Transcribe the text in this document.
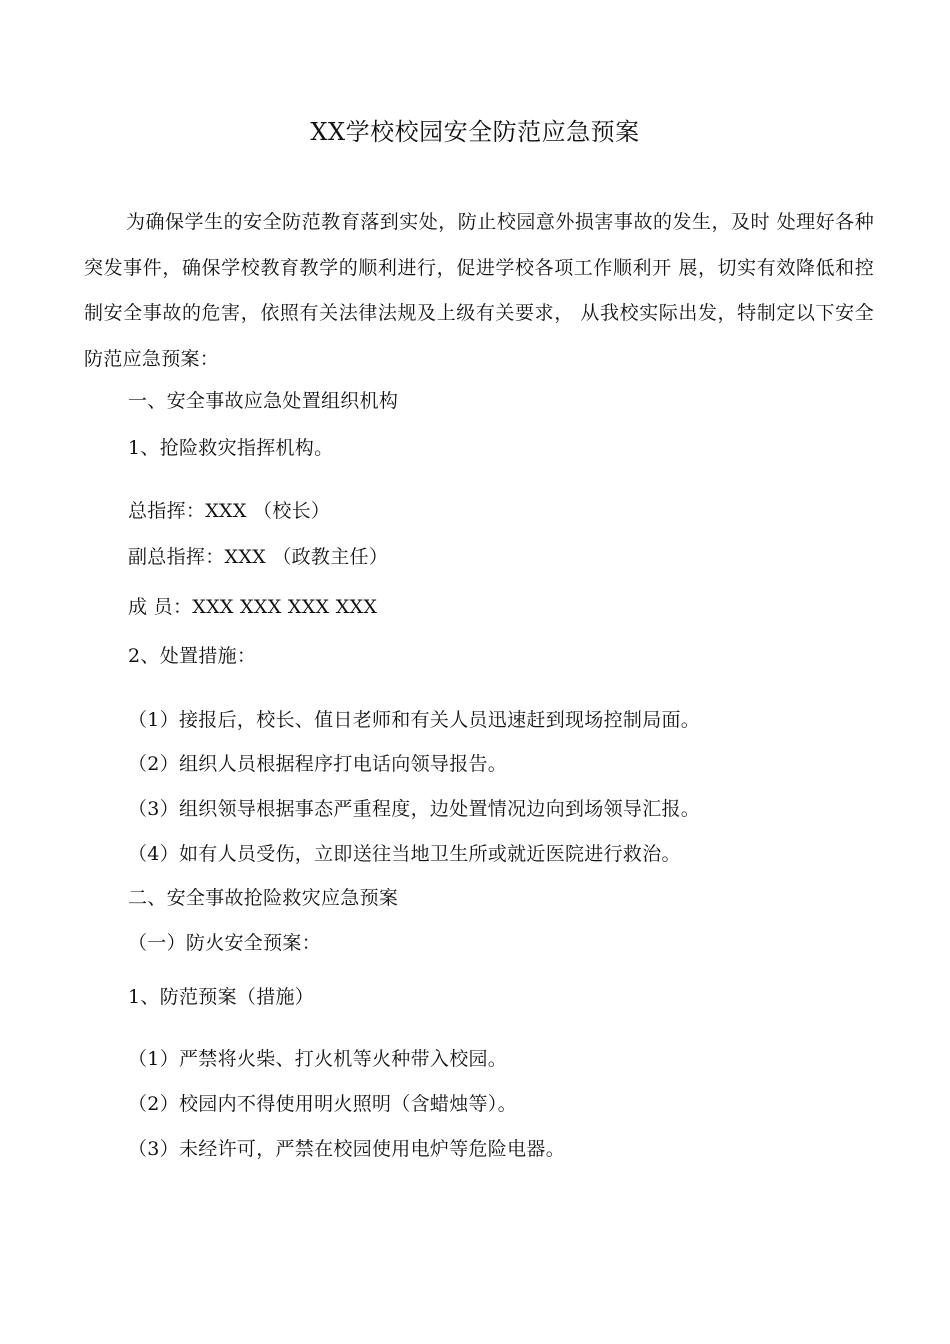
XX学校校园安全防范应急预案

为确保学生的安全防范教育落到实处，防止校园意外损害事故的发生，及时 处理好各种突发事件，确保学校教育教学的顺利进行，促进学校各项工作顺利开 展，切实有效降低和控制安全事故的危害，依照有关法律法规及上级有关要求， 从我校实际出发，特制定以下安全防范应急预案：

一、安全事故应急处置组织机构

1、抢险救灾指挥机构。

总指挥：XXX （校长）

副总指挥：XXX （政教主任）

成 员：XXX XXX XXX XXX

2、处置措施：

（1）接报后，校长、值日老师和有关人员迅速赶到现场控制局面。

（2）组织人员根据程序打电话向领导报告。

（3）组织领导根据事态严重程度，边处置情况边向到场领导汇报。

（4）如有人员受伤，立即送往当地卫生所或就近医院进行救治。

二、安全事故抢险救灾应急预案

（一）防火安全预案：

1、防范预案（措施）

（1）严禁将火柴、打火机等火种带入校园。

（2）校园内不得使用明火照明（含蜡烛等）。

（3）未经许可，严禁在校园使用电炉等危险电器。
